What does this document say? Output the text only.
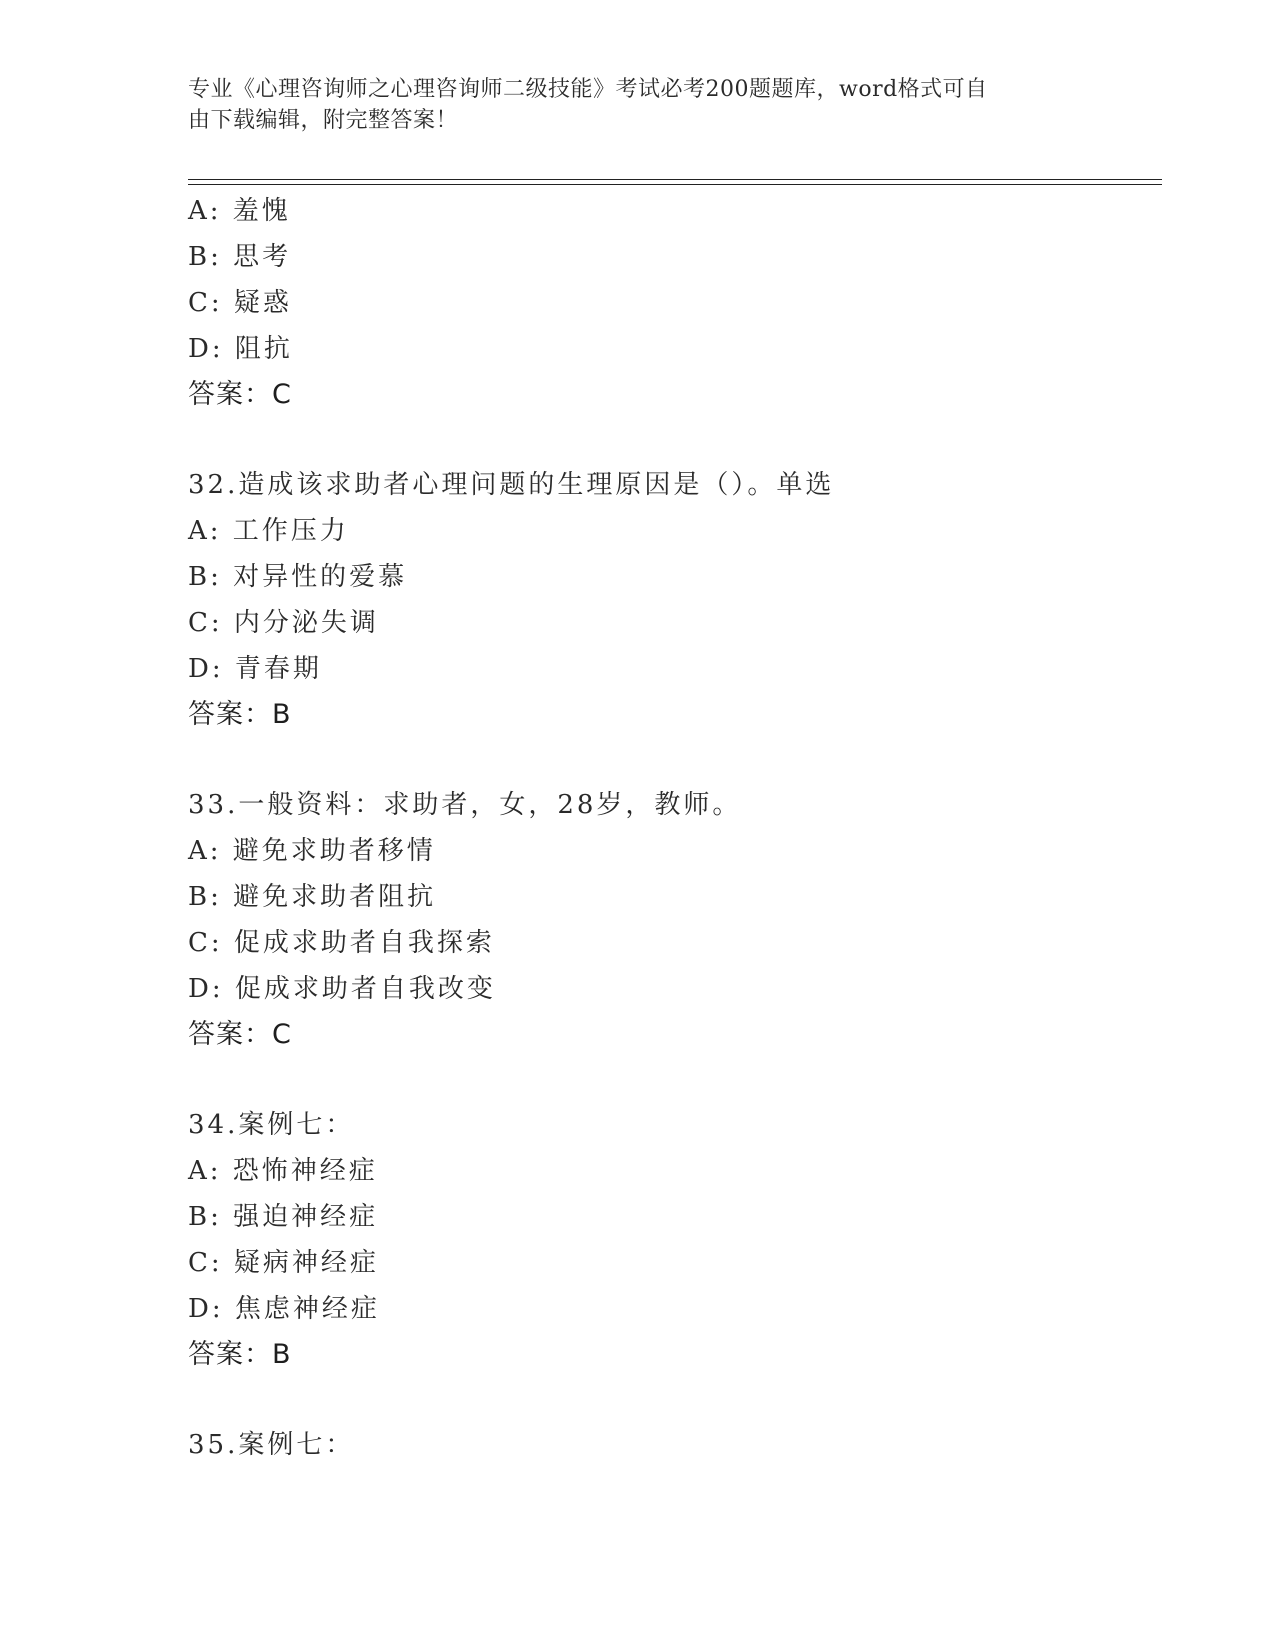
专业《心理咨询师之心理咨询师二级技能》考试必考200题题库，word格式可自
由下载编辑，附完整答案！
A: 羞愧
B: 思考
C: 疑惑
D: 阻抗
答案：C
32.造成该求助者心理问题的生理原因是（）。单选
A: 工作压力
B: 对异性的爱慕
C: 内分泌失调
D: 青春期
答案：B
33.一般资料：求助者，女，28岁，教师。
A: 避免求助者移情
B: 避免求助者阻抗
C: 促成求助者自我探索
D: 促成求助者自我改变
答案：C
34.案例七：
A: 恐怖神经症
B: 强迫神经症
C: 疑病神经症
D: 焦虑神经症
答案：B
35.案例七：
